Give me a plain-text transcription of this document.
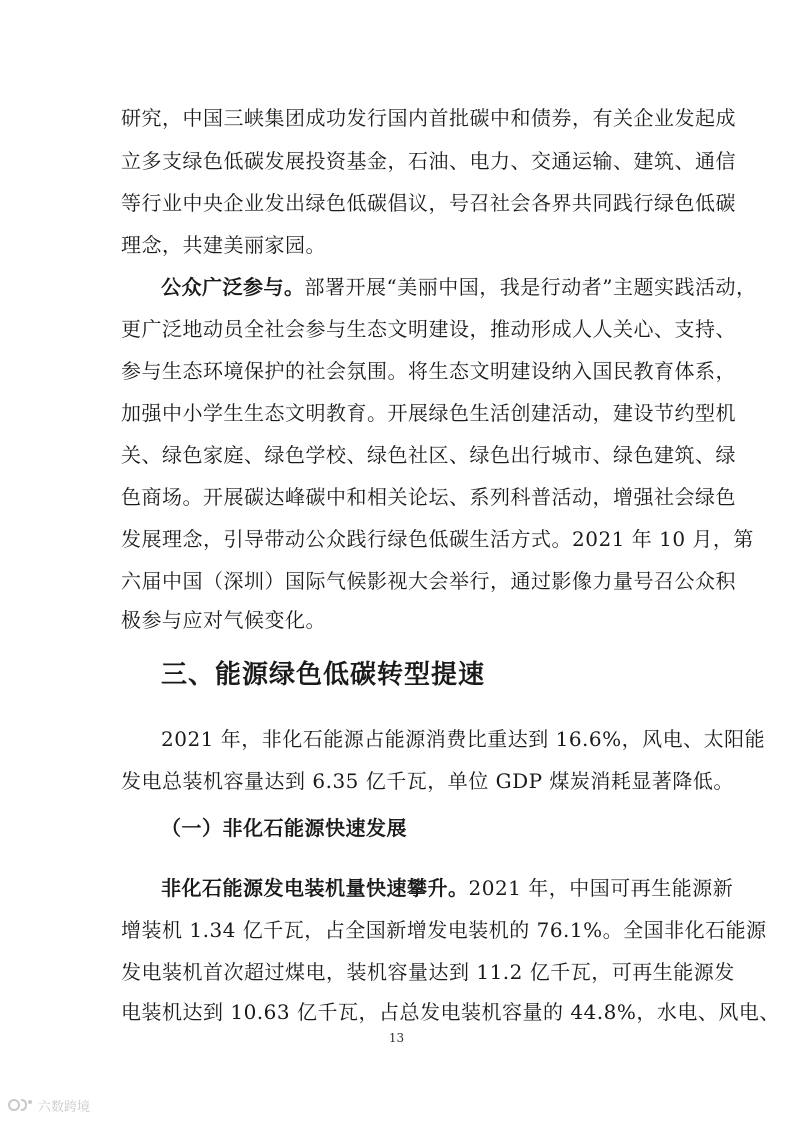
研究，中国三峡集团成功发行国内首批碳中和债券，有关企业发起成
立多支绿色低碳发展投资基金，石油、电力、交通运输、建筑、通信
等行业中央企业发出绿色低碳倡议，号召社会各界共同践行绿色低碳
理念，共建美丽家园。
公众广泛参与。部署开展“美丽中国，我是行动者”主题实践活动，
更广泛地动员全社会参与生态文明建设，推动形成人人关心、支持、
参与生态环境保护的社会氛围。将生态文明建设纳入国民教育体系，
加强中小学生生态文明教育。开展绿色生活创建活动，建设节约型机
关、绿色家庭、绿色学校、绿色社区、绿色出行城市、绿色建筑、绿
色商场。开展碳达峰碳中和相关论坛、系列科普活动，增强社会绿色
发展理念，引导带动公众践行绿色低碳生活方式。2021 年 10 月，第
六届中国（深圳）国际气候影视大会举行，通过影像力量号召公众积
极参与应对气候变化。
三、能源绿色低碳转型提速
2021 年，非化石能源占能源消费比重达到 16.6%，风电、太阳能
发电总装机容量达到 6.35 亿千瓦，单位 GDP 煤炭消耗显著降低。
（一）非化石能源快速发展
非化石能源发电装机量快速攀升。2021 年，中国可再生能源新
增装机 1.34 亿千瓦，占全国新增发电装机的 76.1%。全国非化石能源
发电装机首次超过煤电，装机容量达到 11.2 亿千瓦，可再生能源发
电装机达到 10.63 亿千瓦，占总发电装机容量的 44.8%，水电、风电、
13
六数跨境
